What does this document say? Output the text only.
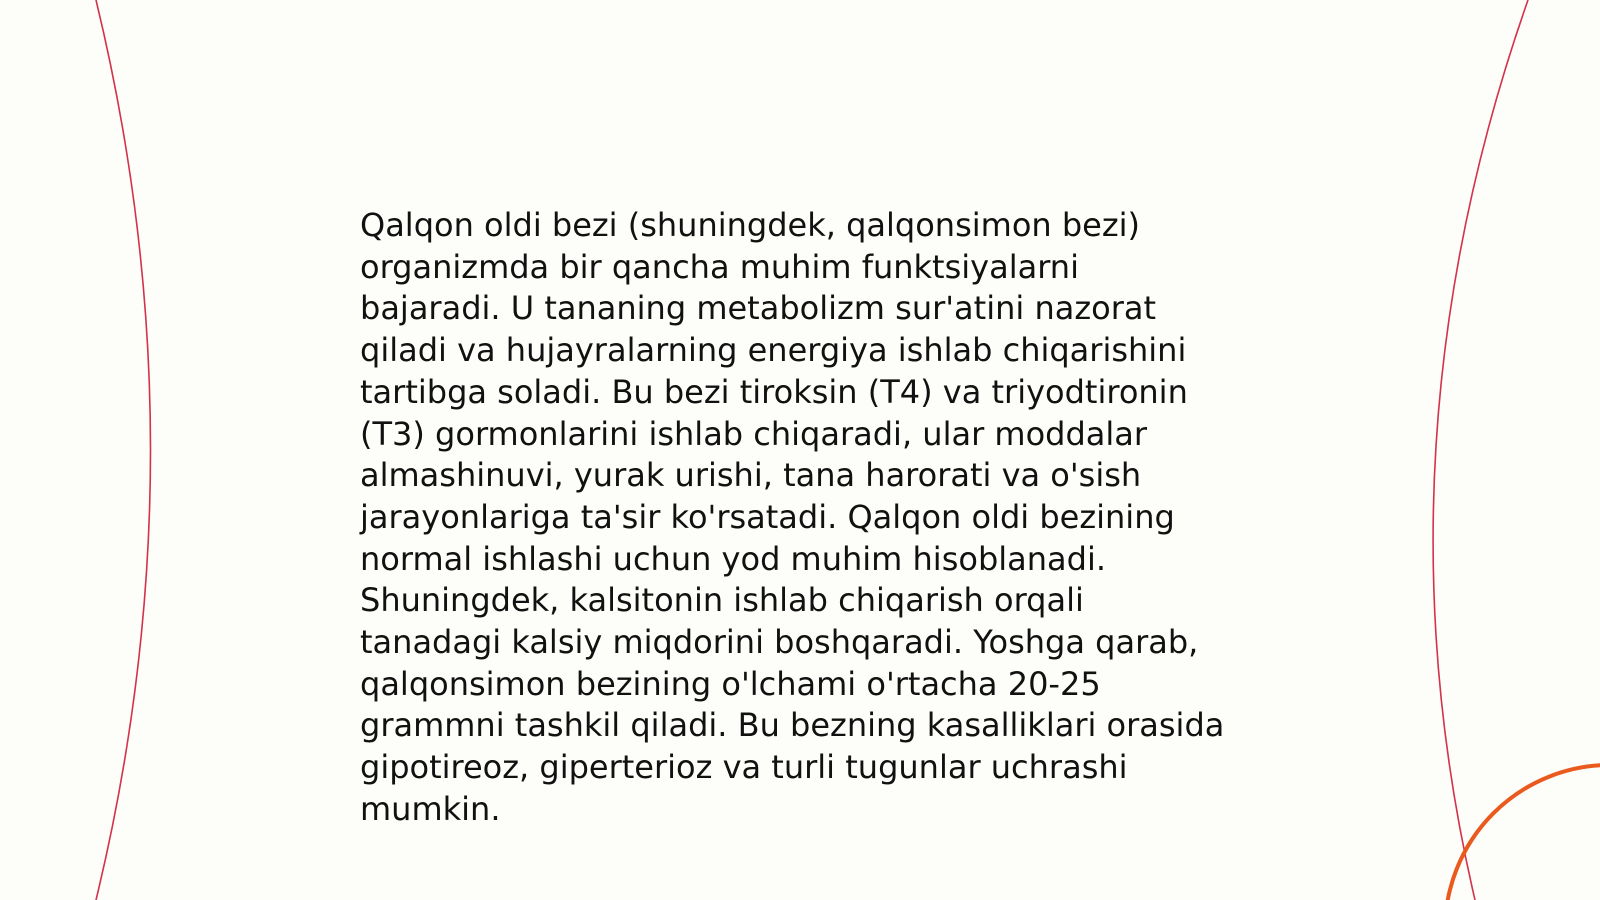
Qalqon oldi bezi (shuningdek, qalqonsimon bezi)
organizmda bir qancha muhim funktsiyalarni
bajaradi. U tananing metabolizm sur'atini nazorat
qiladi va hujayralarning energiya ishlab chiqarishini
tartibga soladi. Bu bezi tiroksin (T4) va triyodtironin
(T3) gormonlarini ishlab chiqaradi, ular moddalar
almashinuvi, yurak urishi, tana harorati va o'sish
jarayonlariga ta'sir ko'rsatadi. Qalqon oldi bezining
normal ishlashi uchun yod muhim hisoblanadi.
Shuningdek, kalsitonin ishlab chiqarish orqali
tanadagi kalsiy miqdorini boshqaradi. Yoshga qarab,
qalqonsimon bezining o'lchami o'rtacha 20-25
grammni tashkil qiladi. Bu bezning kasalliklari orasida
gipotireoz, giperterioz va turli tugunlar uchrashi
mumkin.
